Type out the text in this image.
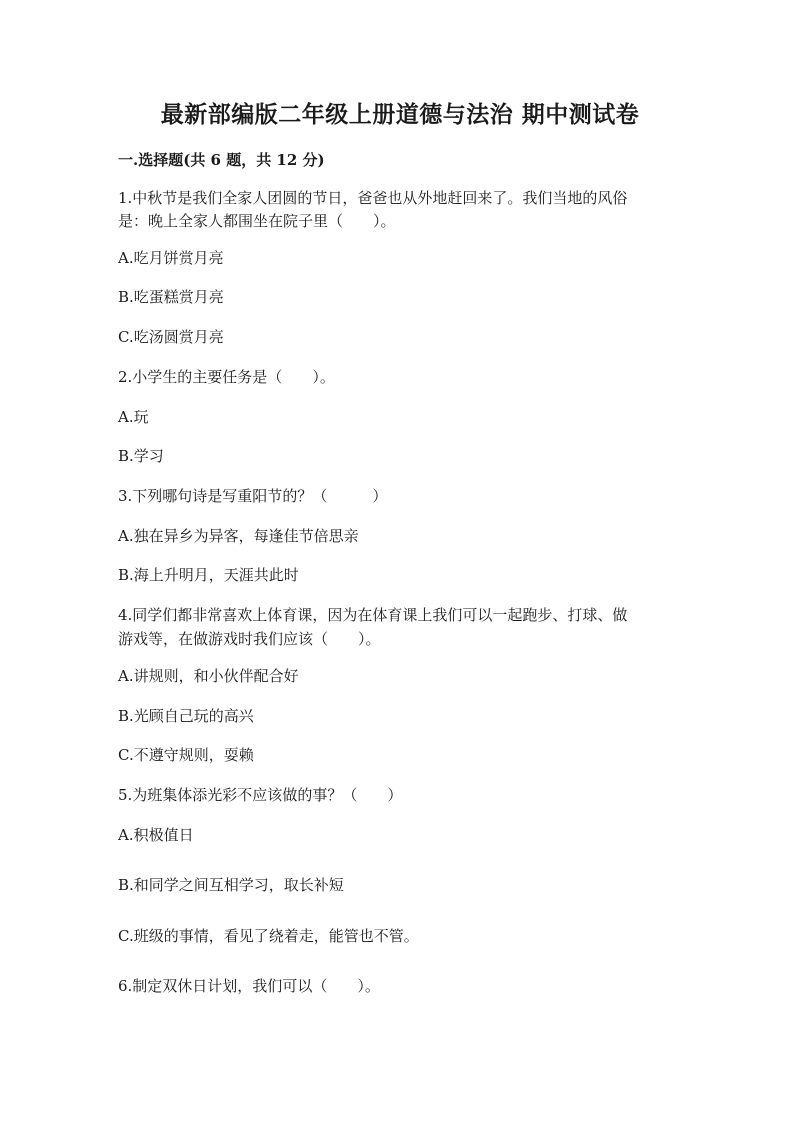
最新部编版二年级上册道德与法治 期中测试卷
一.选择题(共 6 题，共 12 分)
1.中秋节是我们全家人团圆的节日，爸爸也从外地赶回来了。我们当地的风俗
是：晚上全家人都围坐在院子里（　　）。
A.吃月饼赏月亮
B.吃蛋糕赏月亮
C.吃汤圆赏月亮
2.小学生的主要任务是（　　）。
A.玩
B.学习
3.下列哪句诗是写重阳节的？（　　　）
A.独在异乡为异客，每逢佳节倍思亲
B.海上升明月，天涯共此时
4.同学们都非常喜欢上体育课，因为在体育课上我们可以一起跑步、打球、做
游戏等，在做游戏时我们应该（　　）。
A.讲规则，和小伙伴配合好
B.光顾自己玩的高兴
C.不遵守规则，耍赖
5.为班集体添光彩不应该做的事？（　　）
A.积极值日
B.和同学之间互相学习，取长补短
C.班级的事情，看见了绕着走，能管也不管。
6.制定双休日计划，我们可以（　　）。
